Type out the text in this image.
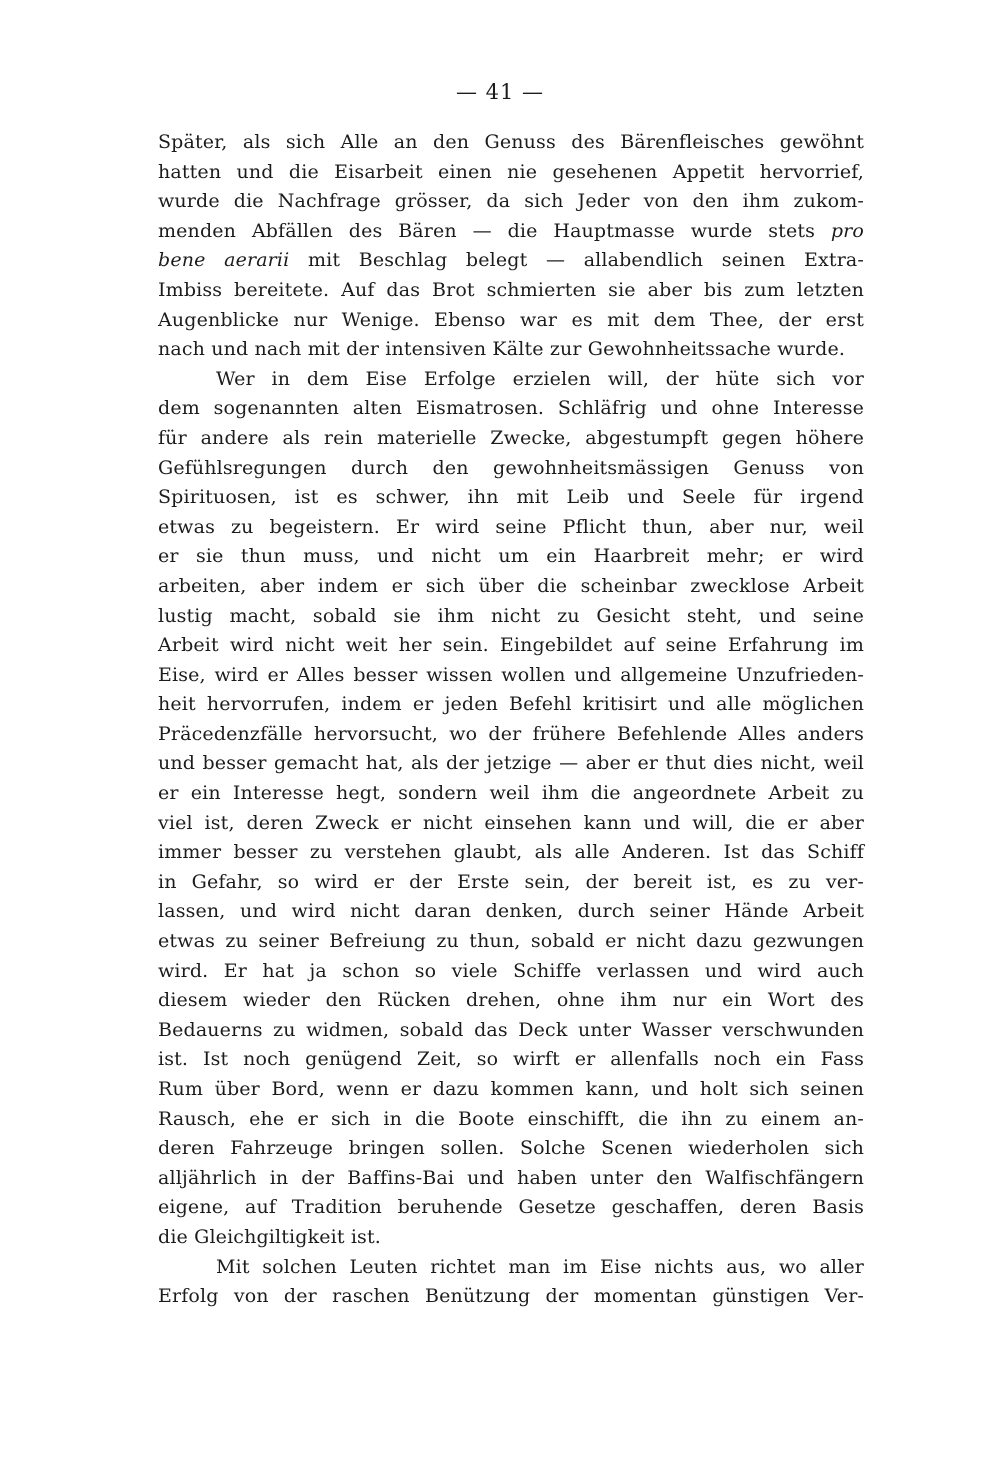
— 41 —
Später, als sich Alle an den Genuss des Bärenfleisches gewöhnt
hatten und die Eisarbeit einen nie gesehenen Appetit hervorrief,
wurde die Nachfrage grösser, da sich Jeder von den ihm zukom-
menden Abfällen des Bären — die Hauptmasse wurde stets pro
bene aerarii mit Beschlag belegt — allabendlich seinen Extra-
Imbiss bereitete. Auf das Brot schmierten sie aber bis zum letzten
Augenblicke nur Wenige. Ebenso war es mit dem Thee, der erst
nach und nach mit der intensiven Kälte zur Gewohnheitssache wurde.
Wer in dem Eise Erfolge erzielen will, der hüte sich vor
dem sogenannten alten Eismatrosen. Schläfrig und ohne Interesse
für andere als rein materielle Zwecke, abgestumpft gegen höhere
Gefühlsregungen durch den gewohnheitsmässigen Genuss von
Spirituosen, ist es schwer, ihn mit Leib und Seele für irgend
etwas zu begeistern. Er wird seine Pflicht thun, aber nur, weil
er sie thun muss, und nicht um ein Haarbreit mehr; er wird
arbeiten, aber indem er sich über die scheinbar zwecklose Arbeit
lustig macht, sobald sie ihm nicht zu Gesicht steht, und seine
Arbeit wird nicht weit her sein. Eingebildet auf seine Erfahrung im
Eise, wird er Alles besser wissen wollen und allgemeine Unzufrieden-
heit hervorrufen, indem er jeden Befehl kritisirt und alle möglichen
Präcedenzfälle hervorsucht, wo der frühere Befehlende Alles anders
und besser gemacht hat, als der jetzige — aber er thut dies nicht, weil
er ein Interesse hegt, sondern weil ihm die angeordnete Arbeit zu
viel ist, deren Zweck er nicht einsehen kann und will, die er aber
immer besser zu verstehen glaubt, als alle Anderen. Ist das Schiff
in Gefahr, so wird er der Erste sein, der bereit ist, es zu ver-
lassen, und wird nicht daran denken, durch seiner Hände Arbeit
etwas zu seiner Befreiung zu thun, sobald er nicht dazu gezwungen
wird. Er hat ja schon so viele Schiffe verlassen und wird auch
diesem wieder den Rücken drehen, ohne ihm nur ein Wort des
Bedauerns zu widmen, sobald das Deck unter Wasser verschwunden
ist. Ist noch genügend Zeit, so wirft er allenfalls noch ein Fass
Rum über Bord, wenn er dazu kommen kann, und holt sich seinen
Rausch, ehe er sich in die Boote einschifft, die ihn zu einem an-
deren Fahrzeuge bringen sollen. Solche Scenen wiederholen sich
alljährlich in der Baffins-Bai und haben unter den Walfischfängern
eigene, auf Tradition beruhende Gesetze geschaffen, deren Basis
die Gleichgiltigkeit ist.
Mit solchen Leuten richtet man im Eise nichts aus, wo aller
Erfolg von der raschen Benützung der momentan günstigen Ver-
